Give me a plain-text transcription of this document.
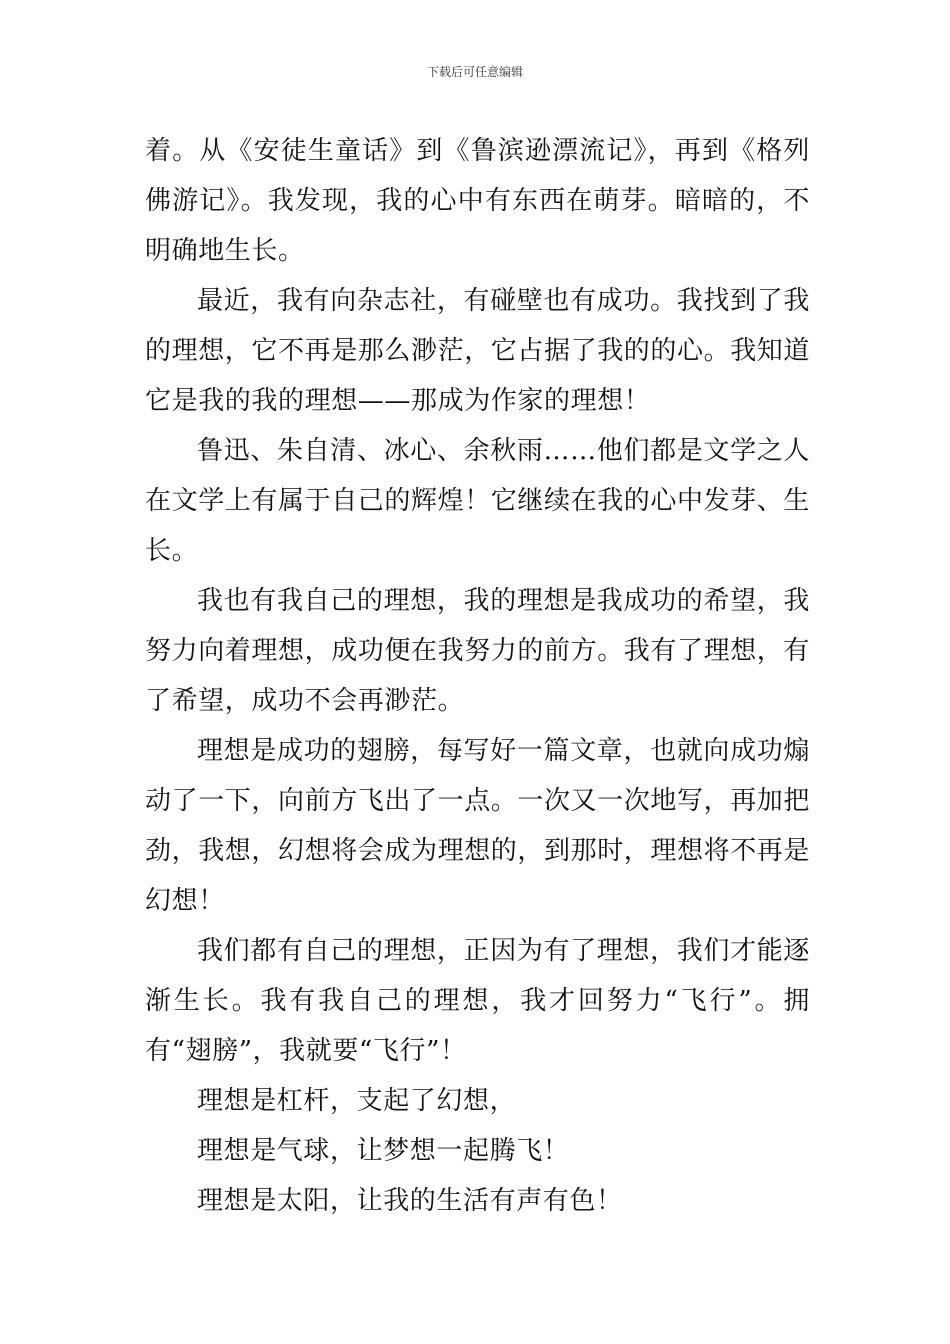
下载后可任意编辑

着。从《安徒生童话》到《鲁滨逊漂流记》，再到《格列佛游记》。我发现，我的心中有东西在萌芽。暗暗的，不明确地生长。

最近，我有向杂志社，有碰壁也有成功。我找到了我的理想，它不再是那么渺茫，它占据了我的的心。我知道它是我的我的理想——那成为作家的理想！

鲁迅、朱自清、冰心、余秋雨……他们都是文学之人在文学上有属于自己的辉煌！它继续在我的心中发芽、生长。

我也有我自己的理想，我的理想是我成功的希望，我努力向着理想，成功便在我努力的前方。我有了理想，有了希望，成功不会再渺茫。

理想是成功的翅膀，每写好一篇文章，也就向成功煽动了一下，向前方飞出了一点。一次又一次地写，再加把劲，我想，幻想将会成为理想的，到那时，理想将不再是幻想！

我们都有自己的理想，正因为有了理想，我们才能逐渐生长。我有我自己的理想，我才回努力“飞行”。拥有“翅膀”，我就要“飞行”！

理想是杠杆，支起了幻想，

理想是气球，让梦想一起腾飞！

理想是太阳，让我的生活有声有色！
